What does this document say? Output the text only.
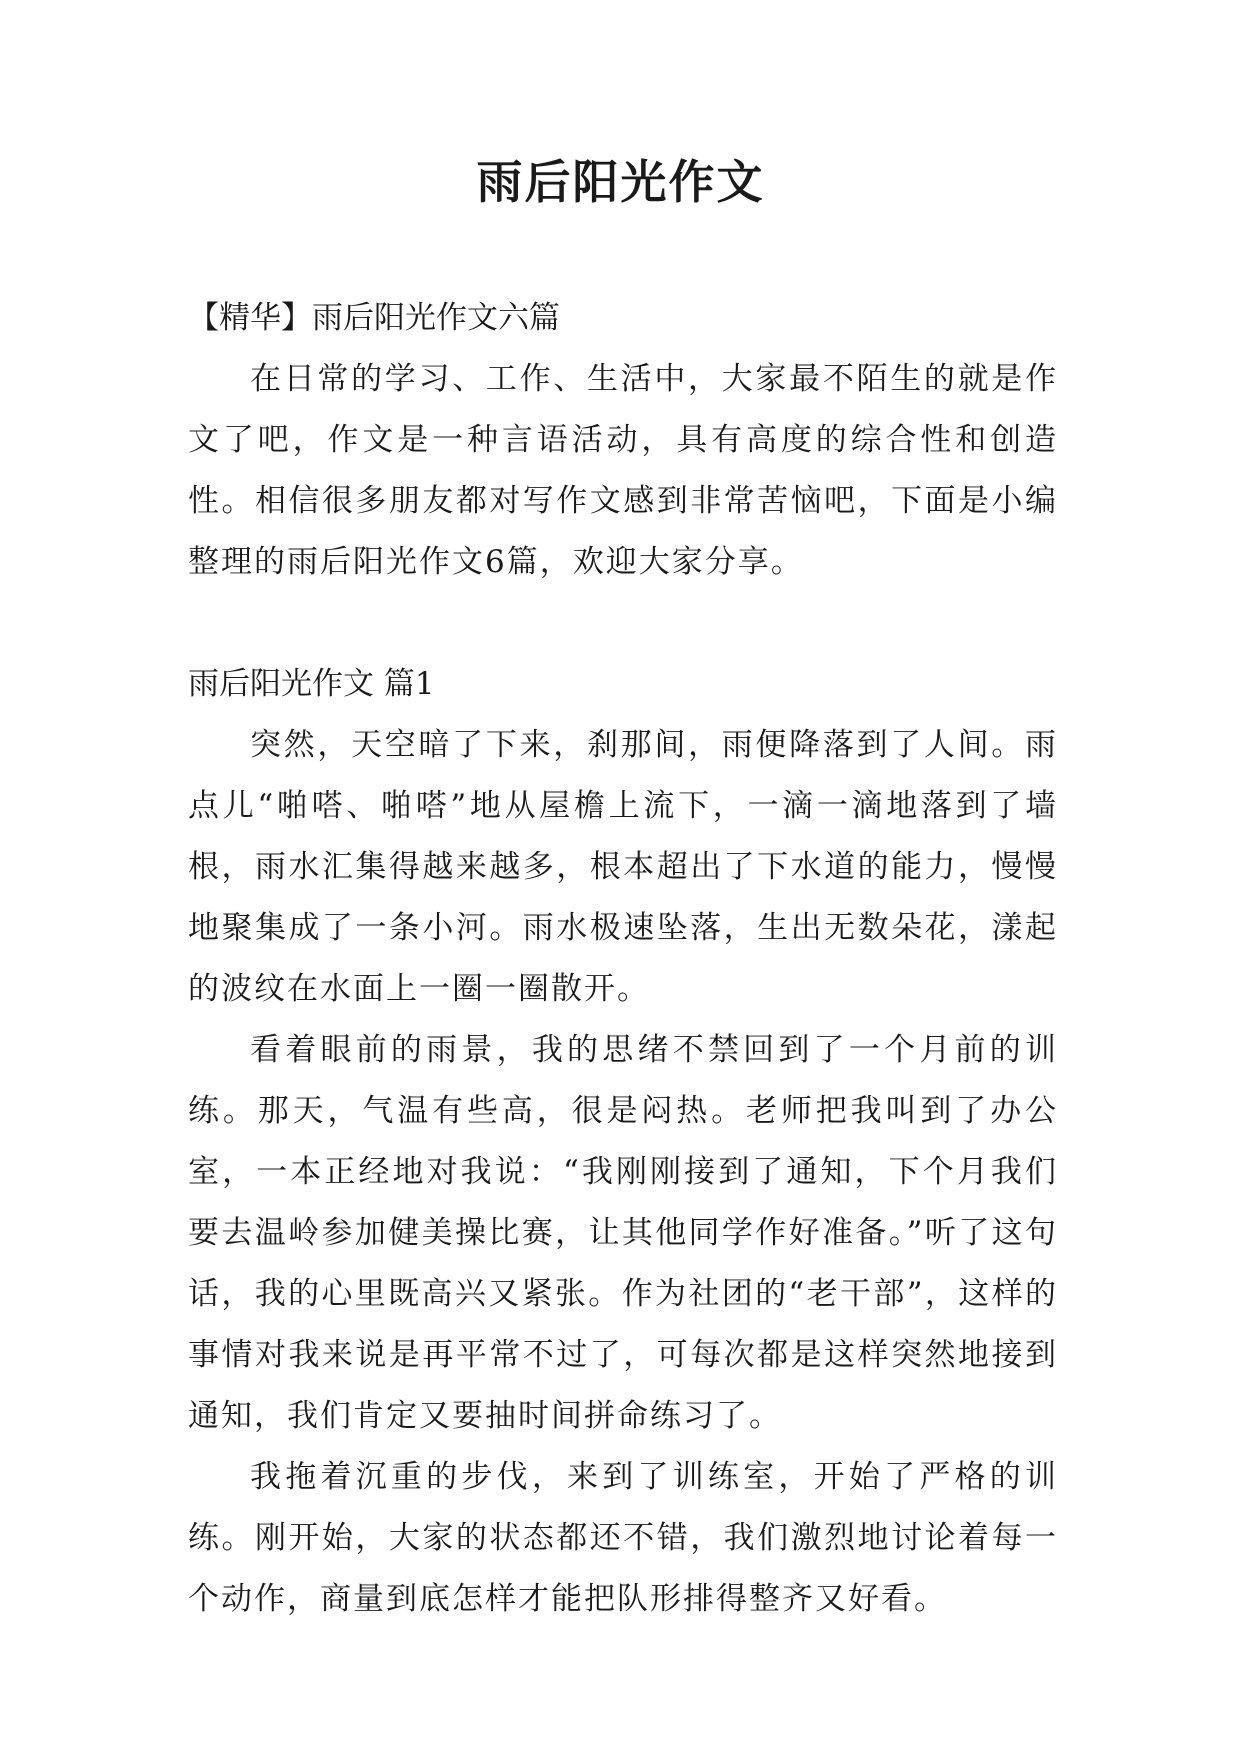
雨后阳光作文

【精华】雨后阳光作文六篇

在日常的学习、工作、生活中，大家最不陌生的就是作文了吧，作文是一种言语活动，具有高度的综合性和创造性。相信很多朋友都对写作文感到非常苦恼吧，下面是小编整理的雨后阳光作文6篇，欢迎大家分享。

雨后阳光作文 篇1

突然，天空暗了下来，刹那间，雨便降落到了人间。雨点儿“啪嗒、啪嗒”地从屋檐上流下，一滴一滴地落到了墙根，雨水汇集得越来越多，根本超出了下水道的能力，慢慢地聚集成了一条小河。雨水极速坠落，生出无数朵花，漾起的波纹在水面上一圈一圈散开。

看着眼前的雨景，我的思绪不禁回到了一个月前的训练。那天，气温有些高，很是闷热。老师把我叫到了办公室，一本正经地对我说：“我刚刚接到了通知，下个月我们要去温岭参加健美操比赛，让其他同学作好准备。”听了这句话，我的心里既高兴又紧张。作为社团的“老干部”，这样的事情对我来说是再平常不过了，可每次都是这样突然地接到通知，我们肯定又要抽时间拼命练习了。

我拖着沉重的步伐，来到了训练室，开始了严格的训练。刚开始，大家的状态都还不错，我们激烈地讨论着每一个动作，商量到底怎样才能把队形排得整齐又好看。
